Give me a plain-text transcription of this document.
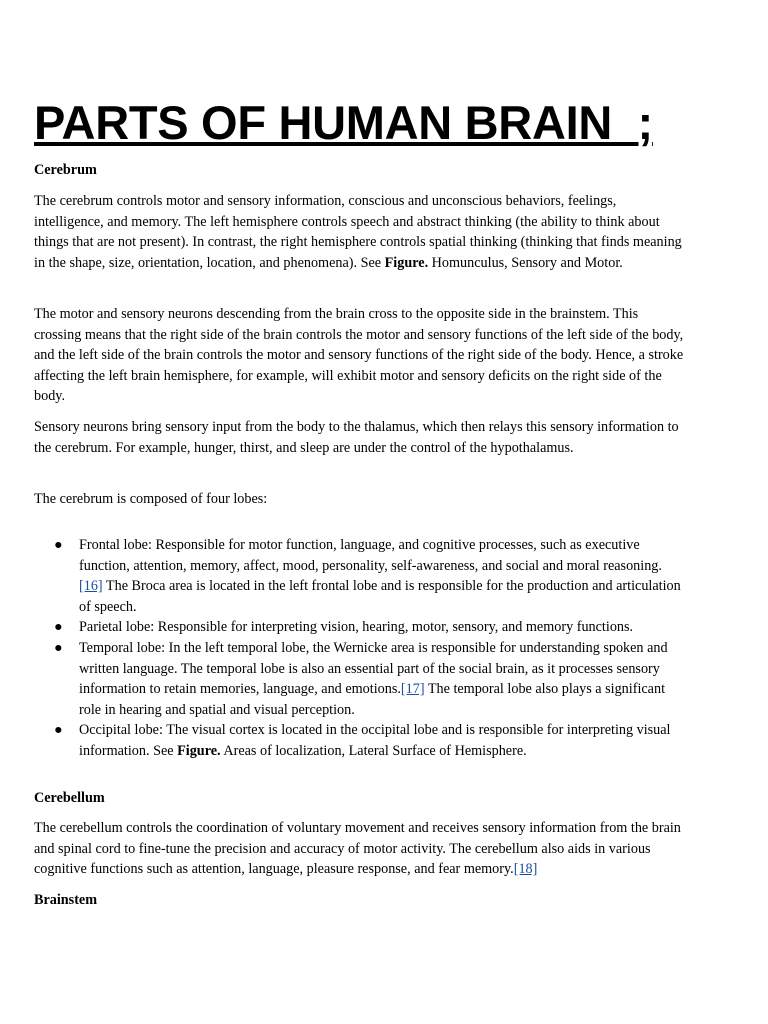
PARTS OF HUMAN BRAIN  ;

Cerebrum

The cerebrum controls motor and sensory information, conscious and unconscious behaviors, feelings, intelligence, and memory. The left hemisphere controls speech and abstract thinking (the ability to think about things that are not present). In contrast, the right hemisphere controls spatial thinking (thinking that finds meaning in the shape, size, orientation, location, and phenomena). See Figure. Homunculus, Sensory and Motor.

The motor and sensory neurons descending from the brain cross to the opposite side in the brainstem. This crossing means that the right side of the brain controls the motor and sensory functions of the left side of the body, and the left side of the brain controls the motor and sensory functions of the right side of the body. Hence, a stroke affecting the left brain hemisphere, for example, will exhibit motor and sensory deficits on the right side of the body.

Sensory neurons bring sensory input from the body to the thalamus, which then relays this sensory information to the cerebrum. For example, hunger, thirst, and sleep are under the control of the hypothalamus.

The cerebrum is composed of four lobes:

● Frontal lobe: Responsible for motor function, language, and cognitive processes, such as executive function, attention, memory, affect, mood, personality, self-awareness, and social and moral reasoning.[16] The Broca area is located in the left frontal lobe and is responsible for the production and articulation of speech.
● Parietal lobe: Responsible for interpreting vision, hearing, motor, sensory, and memory functions.
● Temporal lobe: In the left temporal lobe, the Wernicke area is responsible for understanding spoken and written language. The temporal lobe is also an essential part of the social brain, as it processes sensory information to retain memories, language, and emotions.[17] The temporal lobe also plays a significant role in hearing and spatial and visual perception.
● Occipital lobe: The visual cortex is located in the occipital lobe and is responsible for interpreting visual information. See Figure. Areas of localization, Lateral Surface of Hemisphere.

Cerebellum

The cerebellum controls the coordination of voluntary movement and receives sensory information from the brain and spinal cord to fine-tune the precision and accuracy of motor activity. The cerebellum also aids in various cognitive functions such as attention, language, pleasure response, and fear memory.[18]

Brainstem
